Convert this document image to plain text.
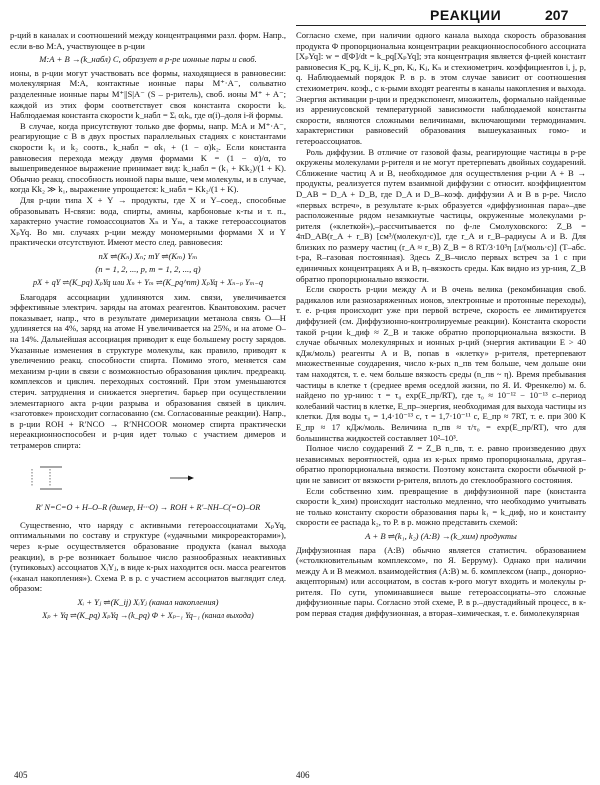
РЕАКЦИИ	207

р-ций в каналах и соотношений между концентрациями разл. форм. Напр., если в-во M:A, участвующее в р-ции

M:A + B →(k_набл) C, образует в р-ре ионные пары и своб.

ионы, в р-ции могут участвовать все формы, находящиеся в равновесии: молекулярная M:A, контактные ионные пары M⁺·A⁻, сольватно разделенные ионные пары M⁺||S|A⁻ (S – р-ритель), своб. ионы M⁺ + A⁻; каждой из этих форм соответствует своя константа скорости kᵢ. Наблюдаемая константа скорости k_набл = Σᵢ αᵢkᵢ, где α(i)–доля i-й формы.

В случае, когда присутствуют только две формы, напр. M:A и M⁺·A⁻, реагирующие с B в двух простых параллельных стадиях с константами скорости k₁ и k₂ соотв., k_набл = αk₁ + (1 − α)k₂. Если константа равновесия перехода между двумя формами K = (1 − α)/α, то вышеприведенное выражение принимает вид: k_набл = (k₁ + Kk₂)/(1 + K). Обычно реакц. способность ионной пары выше, чем молекулы, и в случае, когда Kk₂ ≫ k₁, выражение упрощается: k_набл = Kk₂/(1 + K).

Для р-ции типа X + Y → продукты, где X и Y–соед., способные образовывать H-связи: вода, спирты, амины, карбоновые к-ты и т. п., характерно участие гомоассоциатов Xₙ и Yₘ, а также гетероассоциатов XₚYq. Во мн. случаях р-ции между мономерными формами X и Y практически отсутствуют. Имеют место след. равновесия:

nX ⇌(Kₙ) Xₙ; mY ⇌(Kₘ) Yₘ
(n = 1, 2, ..., p, m = 1, 2, ..., q)
pX + qY ⇌(K_pq) XₚYq или Xₙ + Yₘ ⇌(K_pq^nm) XₚYq + Xₙ₋ₚ Yₘ₋q

Благодаря ассоциации удлиняются хим. связи, увеличивается эффективные электрич. заряды на атомах реагентов. Квантовохим. расчет показывает, напр., что в результате димеризации метанола связь O—H удлиняется на 4%, заряд на атоме H увеличивается на 25%, и на атоме O–на 14%. Дальнейшая ассоциация приводит к еще большему росту зарядов. Указанные изменения в структуре молекулы, как правило, приводят к увеличению реакц. способности спирта. Помимо этого, меняется сам механизм р-ции в связи с возможностью образования циклич. предреакц. комплексов и циклич. переходных состояний. При этом уменьшаются стерич. затруднения и снижается энергетич. барьер при осуществлении элементарного акта р-ции разрыва и образования связей в циклич. «заготовке» происходит согласованно (см. Согласованные реакции). Напр., в р-ции ROH + R′NCO → R′NHCOOR мономер спирта практически нереакционноспособен и р-ция идет только с участием димеров и тетрамеров спирта:

R′ N=C=O + H–O–R (димер, H···O) → ROH + R′–NH–C(=O)–OR

Существенно, что наряду с активными гетероассоциатами XₚYq, оптимальными по составу и структуре («удачными микрореакторами»), через к-рые осуществляется образование продукта (канал выхода реакции), в р-ре возникает большое число разнообразных неактивных (тупиковых) ассоциатов XᵢYⱼ, в виде к-рых находится осн. масса реагентов («канал накопления»). Схема Р. в р. с участием ассоциатов выглядит след. образом:

Xᵢ + Yⱼ ⇌(K_ij) XᵢYⱼ (канал накопления)
Xₚ + Yq ⇌(K_pq) XₚYq →(k_pq) Φ + Xₚ₋₁ Yq₋₁ (канал выхода)

Согласно схеме, при наличии одного канала выхода скорость образования продукта Φ пропорциональна концентрации реакционноспособного ассоциата [XₚYq]: w = d[Φ]/dt = k_pq[XₚYq]; эта концентрация является ф-цией констант равновесия K_pq, K_ij, K_pn, Kᵢ, Kⱼ, Kₙ и стехиометрич. коэффициентов i, j, p, q. Наблюдаемый порядок Р. в р. в этом случае зависит от соотношения стехиометрич. коэф., с к-рыми входят реагенты в каналы накопления и выхода. Энергия активации р-ции и предэкспонент, множитель, формально найденные из аррениусовской температурной зависимости наблюдаемой константы скорости, являются сложными величинами, включающими термодинамич. характеристики равновесий образования вышеуказанных гомо- и гетероассоциатов.

Роль диффузии. В отличие от газовой фазы, реагирующие частицы в р-ре окружены молекулами р-рителя и не могут претерпевать двойных соударений. Сближение частиц A и B, необходимое для осуществления р-ции A + B → продукты, реализуется путем взаимной диффузии с относит. коэффициентом D_AB = D_A + D_B, где D_A и D_B–коэф. диффузии A и B в р-ре. Число «первых встреч», в результате к-рых образуется «диффузионная пара»–две расположенные рядом незамкнутые частицы, окруженные молекулами р-рителя («клеткой»),–рассчитывается по ф-ле Смолуховского: Z_B = 4πD_AB(r_A + r_B) [см³/(молекул·с)], где r_A и r_B–радиусы A и B. Для близких по размеру частиц (r_A ≈ r_B) Z_B = 8 RT/3·10³η [л/(моль·с)] (T–абс. t-ра, R–газовая постоянная). Здесь Z_B–число первых встреч за 1 с при единичных концентрациях A и B, η–вязкость среды. Как видно из ур-ния, Z_B обратно пропорционально вязкости.

Если скорость р-ции между A и B очень велика (рекомбинация своб. радикалов или разнозаряженных ионов, электронные и протонные переходы), т. е. р-ция происходит уже при первой встрече, скорость ее лимитируется диффузией (см. Диффузионно-контролируемые реакции). Константа скорости такой р-ции k_диф ≈ Z_B и также обратно пропорциональна вязкости. В случае обычных молекулярных и ионных р-ций (энергия активации E > 40 кДж/моль) реагенты A и B, попав в «клетку» р-рителя, претерпевают множественные соударения, число к-рых n_пв тем больше, чем дольше они там находятся, т. е. чем больше вязкость среды (n_пв ~ η). Время пребывания частицы в клетке τ (среднее время оседлой жизни, по Я. И. Френкелю) м. б. найдено по ур-нию: τ = τ₀ exp(E_пр/RT), где τ₀ ≈ 10⁻¹² − 10⁻¹³ с–период колебаний частиц в клетке, E_пр–энергия, необходимая для выхода частицы из клетки. Для воды τ₀ = 1,4·10⁻¹³ с, τ = 1,7·10⁻¹¹ с, E_пр ≈ 7RT, т. е. при 300 K E_пр ≈ 17 кДж/моль. Величина n_пв ≈ τ/τ₀ = exp(E_пр/RT), что для большинства жидкостей составляет 10²–10³.

Полное число соударений Z = Z_B n_пв, т. е. равно произведению двух независимых вероятностей, одна из к-рых прямо пропорциональна, другая–обратно пропорциональна вязкости. Поэтому константа скорости обычной р-ции не зависит от вязкости р-рителя, вплоть до стеклообразного состояния.

Если собственно хим. превращение в диффузионной паре (константа скорости k_хим) происходит настолько медленно, что необходимо учитывать не только константу скорости образования пары k₁ = k_диф, но и константу скорости ее распада k₂, то Р. в р. можно представить схемой:

A + B ⇌(k₁, k₂) (A:B) →(k_хим) продукты

Диффузионная пара (A:B) обычно является статистич. образованием («столкновительным комплексом», по Я. Берруму). Однако при наличии между A и B межмол. взаимодействия (A:B) м. б. комплексом (напр., донорно-акцепторным) или ассоциатом, в состав к-рого могут входить и молекулы р-рителя. По сути, упоминавшиеся выше гетероассоциаты–это сложные диффузионные пары. Согласно этой схеме, Р. в р.–двустадийный процесс, в к-ром первая стадия диффузионная, а вторая–химическая, т. е. бимолекулярная

405	406
